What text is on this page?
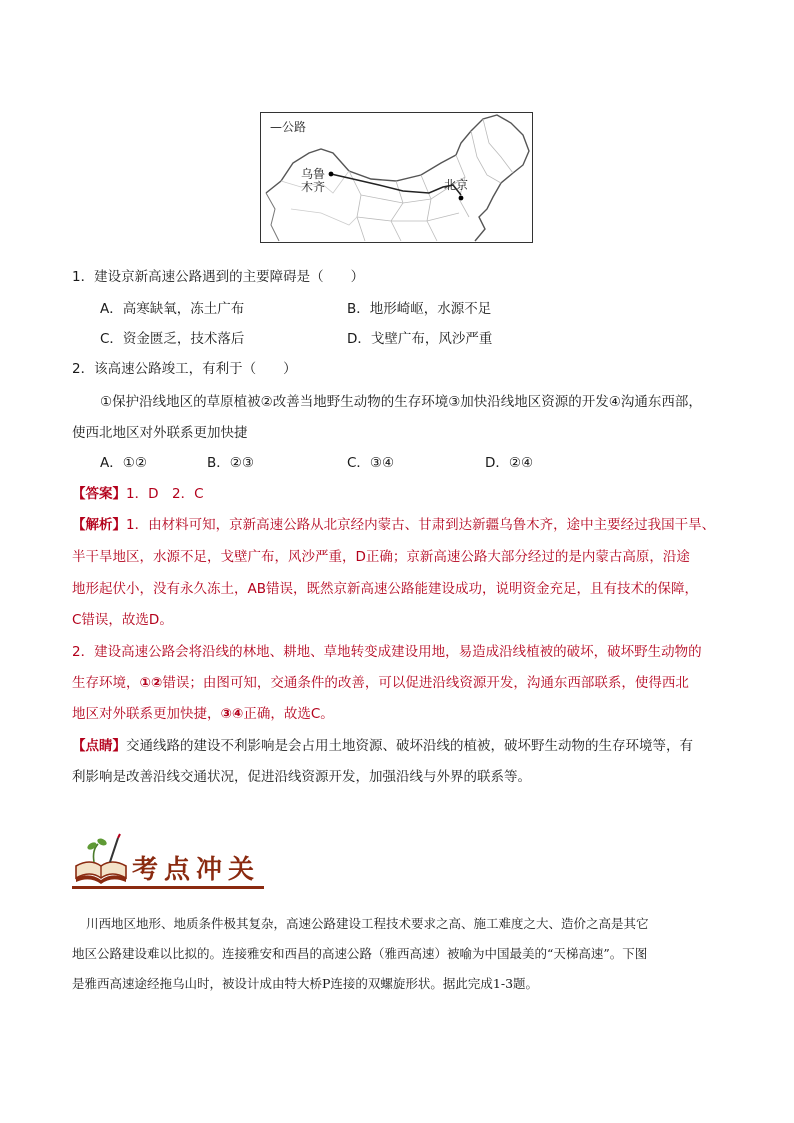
—公路
乌鲁木齐	北京
1．建设京新高速公路遇到的主要障碍是（　　）
A．高寒缺氧，冻土广布	B．地形崎岖，水源不足
C．资金匮乏，技术落后	D．戈壁广布，风沙严重
2．该高速公路竣工，有利于（　　）
①保护沿线地区的草原植被②改善当地野生动物的生存环境③加快沿线地区资源的开发④沟通东西部，
使西北地区对外联系更加快捷
A．①②	B．②③	C．③④	D．②④
【答案】1．D　2．C
【解析】1．由材料可知，京新高速公路从北京经内蒙古、甘肃到达新疆乌鲁木齐，途中主要经过我国干旱、
半干旱地区，水源不足，戈壁广布，风沙严重，D正确；京新高速公路大部分经过的是内蒙古高原，沿途
地形起伏小，没有永久冻土，AB错误，既然京新高速公路能建设成功，说明资金充足，且有技术的保障，
C错误，故选D。
2．建设高速公路会将沿线的林地、耕地、草地转变成建设用地，易造成沿线植被的破坏，破坏野生动物的
生存环境，①②错误；由图可知，交通条件的改善，可以促进沿线资源开发，沟通东西部联系，使得西北
地区对外联系更加快捷，③④正确，故选C。
【点睛】交通线路的建设不利影响是会占用土地资源、破坏沿线的植被，破坏野生动物的生存环境等，有
利影响是改善沿线交通状况，促进沿线资源开发，加强沿线与外界的联系等。
考点冲关
川西地区地形、地质条件极其复杂，高速公路建设工程技术要求之高、施工难度之大、造价之高是其它
地区公路建设难以比拟的。连接雅安和西昌的高速公路（雅西高速）被喻为中国最美的“天梯高速”。下图
是雅西高速途经拖乌山时，被设计成由特大桥P连接的双螺旋形状。据此完成1-3题。
